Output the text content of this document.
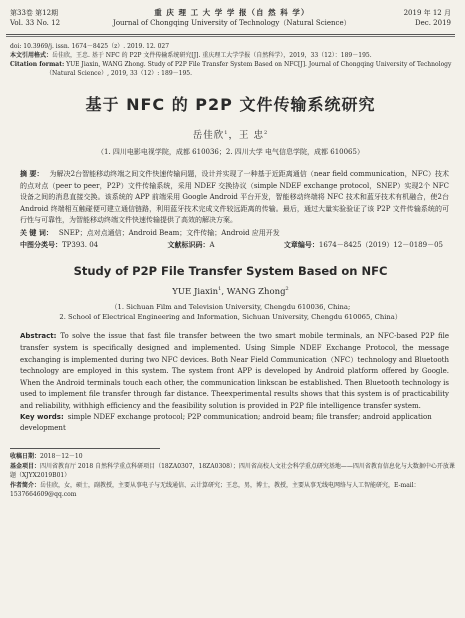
第33卷 第12期
Vol. 33 No. 12
重 庆 理 工 大 学 学 报（自 然 科 学）
Journal of Chongqing University of Technology（Natural Science）
2019 年 12 月
Dec. 2019
doi: 10.3969/j. issn. 1674－8425（z）. 2019. 12. 027
本文引用格式：岳佳欣，王忠. 基于 NFC 的 P2P 文件传输系统研究[J]. 重庆理工大学学报（自然科学），2019，33（12）：189－195.
Citation format: YUE Jiaxin, WANG Zhong. Study of P2P File Transfer System Based on NFC[J]. Journal of Chongqing University of Technology
（Natural Science）, 2019, 33（12）: 189－195.
基于 NFC 的 P2P 文件传输系统研究
岳佳欣$^1$，王 忠$^2$
（1. 四川电影电视学院，成都 610036；2. 四川大学 电气信息学院，成都 610065）
摘 要： 为解决2台智能移动终端之间文件快速传输问题，设计并实现了一种基于近距离通信（near field communication，NFC）技术的点对点（peer to peer，P2P）文件传输系统，采用 NDEF 交换协议（simple NDEF exchange protocol，SNEP）实现2个 NFC 设备之间的消息直接交换。该系统的 APP 前端采用 Google Android 平台开发，智能移动终端将 NFC 技术和蓝牙技术有机融合，使2台 Android 终端相互触碰便可建立通信链路，利用蓝牙技术完成文件较远距离的传输。最后，通过大量实验验证了该 P2P 文件传输系统的可行性与可靠性，为智能移动终端文件快速传输提供了高效的解决方案。
关 键 词： SNEP；点对点通信；Android Beam；文件传输；Android 应用开发
中图分类号：TP393. 04	文献标识码：A	文章编号：1674－8425（2019）12－0189－05
Study of P2P File Transfer System Based on NFC
YUE Jiaxin$^1$, WANG Zhong$^2$
（1. Sichuan Film and Television University, Chengdu 610036, China;
2. School of Electrical Engineering and Information, Sichuan University, Chengdu 610065, China）
Abstract: To solve the issue that fast file transfer between the two smart mobile terminals, an NFC-based P2P file transfer system is specifically designed and implemented. Using Simple NDEF Exchange Protocol, the message exchanging is implemented during two NFC devices. Both Near Field Communication（NFC）technology and Bluetooth technology are employed in this system. The system front APP is developed by Android platform offered by Google. When the Android terminals touch each other, the communication linkscan be established. Then Bluetooth technology is used to implement file transfer through far distance. Theexperimental results shows that this system is of practicability and reliability, withhigh efficiency and the feasibility solution is provided in P2P file intelligence transfer system.
Key words: simple NDEF exchange protocol; P2P communication; android beam; file transfer; android application development
收稿日期：2018－12－10
基金项目：四川省教育厅 2018 自然科学重点科研项目（18ZA0307，18ZA0308）；四川省高校人文社会科学重点研究基地——四川省教育信息化与大数据中心开放课题（XJYX2019B01）
作者简介：岳佳欣，女，硕士，副教授，主要从事电子与无线通信、云计算研究；王忠，男，博士，教授，主要从事无线电网络与人工智能研究，E-mail：1537664609@qq.com
